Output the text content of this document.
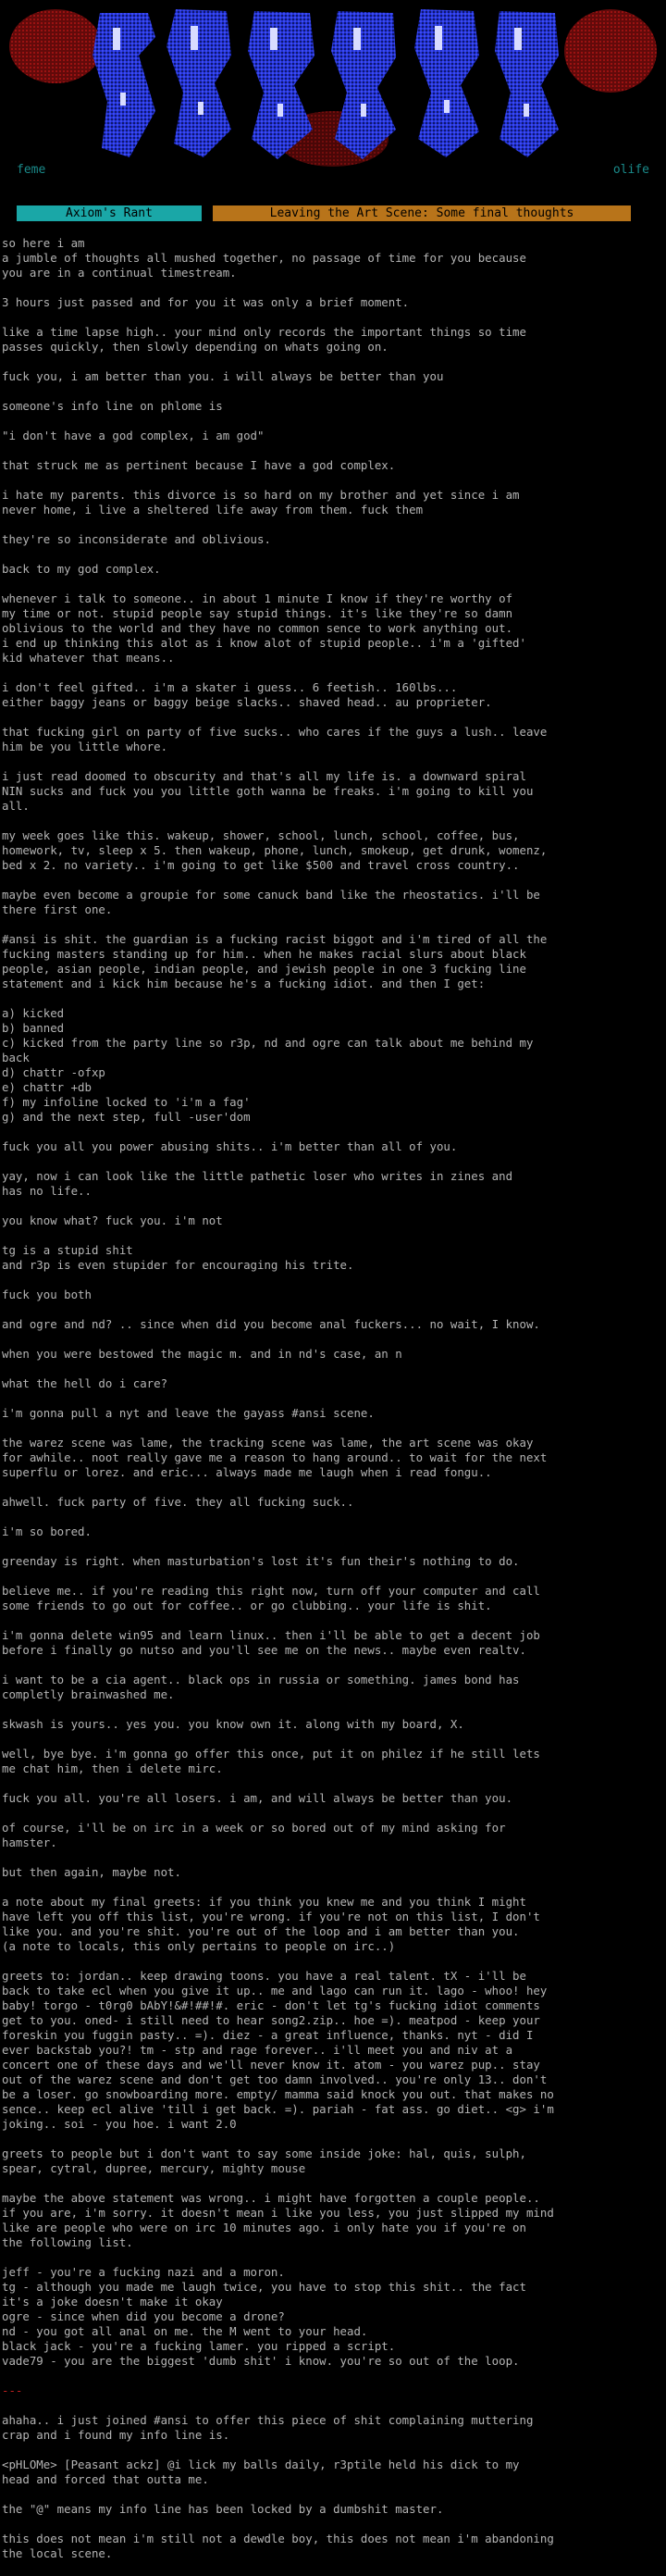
feme	olife
Axiom's Rant	Leaving the Art Scene: Some final thoughts
so here i am
a jumble of thoughts all mushed together, no passage of time for you because
you are in a continual timestream.
3 hours just passed and for you it was only a brief moment.
like a time lapse high.. your mind only records the important things so time
passes quickly, then slowly depending on whats going on.
fuck you, i am better than you. i will always be better than you
someone's info line on phlome is
"i don't have a god complex, i am god"
that struck me as pertinent because I have a god complex.
i hate my parents. this divorce is so hard on my brother and yet since i am
never home, i live a sheltered life away from them. fuck them
they're so inconsiderate and oblivious.
back to my god complex.
whenever i talk to someone.. in about 1 minute I know if they're worthy of
my time or not. stupid people say stupid things. it's like they're so damn
oblivious to the world and they have no common sence to work anything out.
i end up thinking this alot as i know alot of stupid people.. i'm a 'gifted'
kid whatever that means..
i don't feel gifted.. i'm a skater i guess.. 6 feetish.. 160lbs...
either baggy jeans or baggy beige slacks.. shaved head.. au proprieter.
that fucking girl on party of five sucks.. who cares if the guys a lush.. leave
him be you little whore.
i just read doomed to obscurity and that's all my life is. a downward spiral
NIN sucks and fuck you you little goth wanna be freaks. i'm going to kill you
all.
my week goes like this. wakeup, shower, school, lunch, school, coffee, bus,
homework, tv, sleep x 5. then wakeup, phone, lunch, smokeup, get drunk, womenz,
bed x 2. no variety.. i'm going to get like $500 and travel cross country..
maybe even become a groupie for some canuck band like the rheostatics. i'll be
there first one.
#ansi is shit. the guardian is a fucking racist biggot and i'm tired of all the
fucking masters standing up for him.. when he makes racial slurs about black
people, asian people, indian people, and jewish people in one 3 fucking line
statement and i kick him because he's a fucking idiot. and then I get:
a) kicked
b) banned
c) kicked from the party line so r3p, nd and ogre can talk about me behind my
back
d) chattr -ofxp
e) chattr +db
f) my infoline locked to 'i'm a fag'
g) and the next step, full -user'dom
fuck you all you power abusing shits.. i'm better than all of you.
yay, now i can look like the little pathetic loser who writes in zines and
has no life..
you know what? fuck you. i'm not
tg is a stupid shit
and r3p is even stupider for encouraging his trite.
fuck you both
and ogre and nd? .. since when did you become anal fuckers... no wait, I know.
when you were bestowed the magic m. and in nd's case, an n
what the hell do i care?
i'm gonna pull a nyt and leave the gayass #ansi scene.
the warez scene was lame, the tracking scene was lame, the art scene was okay
for awhile.. noot really gave me a reason to hang around.. to wait for the next
superflu or lorez. and eric... always made me laugh when i read fongu..
ahwell. fuck party of five. they all fucking suck..
i'm so bored.
greenday is right. when masturbation's lost it's fun their's nothing to do.
believe me.. if you're reading this right now, turn off your computer and call
some friends to go out for coffee.. or go clubbing.. your life is shit.
i'm gonna delete win95 and learn linux.. then i'll be able to get a decent job
before i finally go nutso and you'll see me on the news.. maybe even realtv.
i want to be a cia agent.. black ops in russia or something. james bond has
completly brainwashed me.
skwash is yours.. yes you. you know own it. along with my board, X.
well, bye bye. i'm gonna go offer this once, put it on philez if he still lets
me chat him, then i delete mirc.
fuck you all. you're all losers. i am, and will always be better than you.
of course, i'll be on irc in a week or so bored out of my mind asking for
hamster.
but then again, maybe not.
a note about my final greets: if you think you knew me and you think I might
have left you off this list, you're wrong. if you're not on this list, I don't
like you. and you're shit. you're out of the loop and i am better than you.
(a note to locals, this only pertains to people on irc..)
greets to: jordan.. keep drawing toons. you have a real talent. tX - i'll be
back to take ecl when you give it up.. me and lago can run it. lago - whoo! hey
baby! torgo - t0rg0 bAbY!&#!##!#. eric - don't let tg's fucking idiot comments
get to you. oned- i still need to hear song2.zip.. hoe =). meatpod - keep your
foreskin you fuggin pasty.. =). diez - a great influence, thanks. nyt - did I
ever backstab you?! tm - stp and rage forever.. i'll meet you and niv at a
concert one of these days and we'll never know it. atom - you warez pup.. stay
out of the warez scene and don't get too damn involved.. you're only 13.. don't
be a loser. go snowboarding more. empty/ mamma said knock you out. that makes no
sence.. keep ecl alive 'till i get back. =). pariah - fat ass. go diet.. <g> i'm
joking.. soi - you hoe. i want 2.0
greets to people but i don't want to say some inside joke: hal, quis, sulph,
spear, cytral, dupree, mercury, mighty mouse
maybe the above statement was wrong.. i might have forgotten a couple people..
if you are, i'm sorry. it doesn't mean i like you less, you just slipped my mind
like are people who were on irc 10 minutes ago. i only hate you if you're on
the following list.
jeff - you're a fucking nazi and a moron.
tg - although you made me laugh twice, you have to stop this shit.. the fact
it's a joke doesn't make it okay
ogre - since when did you become a drone?
nd - you got all anal on me. the M went to your head.
black jack - you're a fucking lamer. you ripped a script.
vade79 - you are the biggest 'dumb shit' i know. you're so out of the loop.
---
ahaha.. i just joined #ansi to offer this piece of shit complaining muttering
crap and i found my info line is.
<pHLOMe> [Peasant ackz] @i lick my balls daily, r3ptile held his dick to my
head and forced that outta me.
the "@" means my info line has been locked by a dumbshit master.
this does not mean i'm still not a dewdle boy, this does not mean i'm abandoning
the local scene.
